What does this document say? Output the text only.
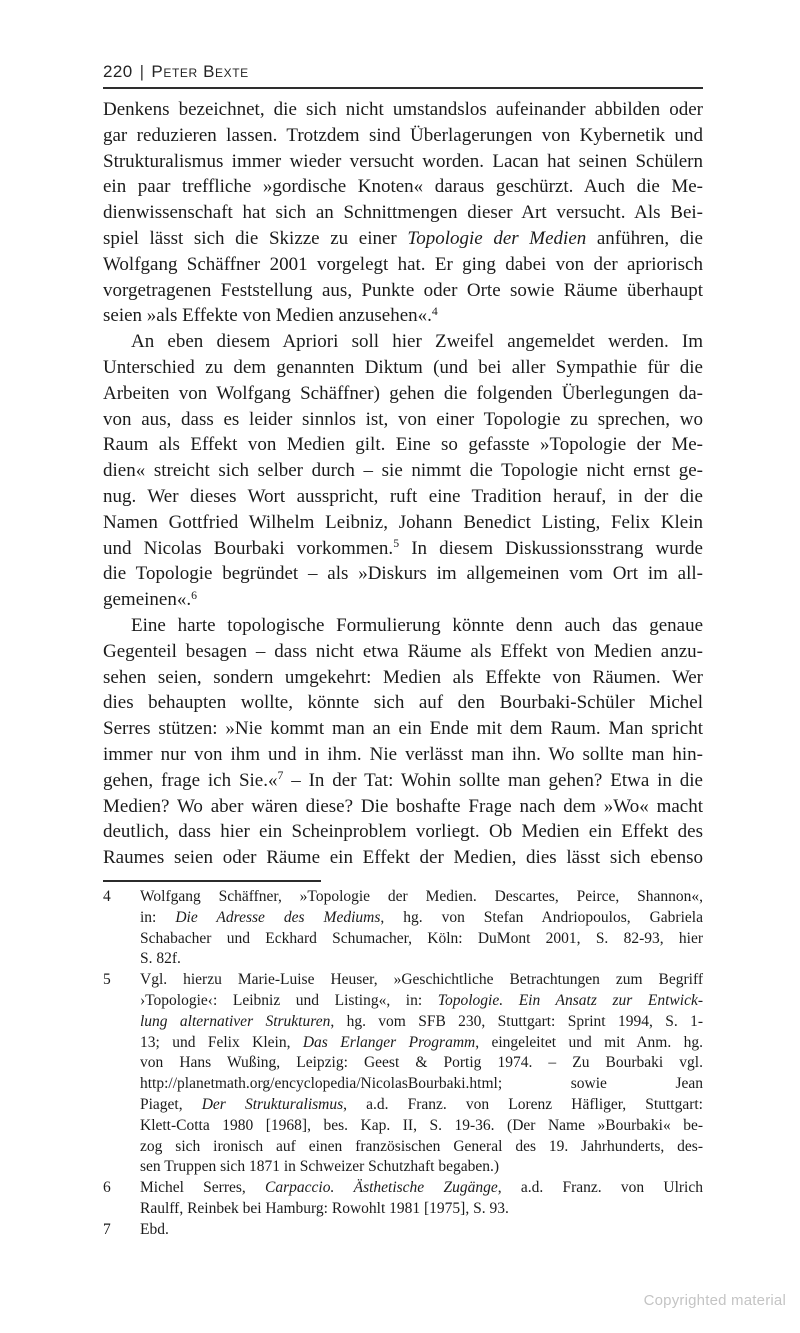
220 | Peter Bexte
Denkens bezeichnet, die sich nicht umstandslos aufeinander abbilden oder
gar reduzieren lassen. Trotzdem sind Überlagerungen von Kybernetik und
Strukturalismus immer wieder versucht worden. Lacan hat seinen Schülern
ein paar treffliche »gordische Knoten« daraus geschürzt. Auch die Me-
dienwissenschaft hat sich an Schnittmengen dieser Art versucht. Als Bei-
spiel lässt sich die Skizze zu einer Topologie der Medien anführen, die
Wolfgang Schäffner 2001 vorgelegt hat. Er ging dabei von der apriorisch
vorgetragenen Feststellung aus, Punkte oder Orte sowie Räume überhaupt
seien »als Effekte von Medien anzusehen«.$^4$
An eben diesem Apriori soll hier Zweifel angemeldet werden. Im
Unterschied zu dem genannten Diktum (und bei aller Sympathie für die
Arbeiten von Wolfgang Schäffner) gehen die folgenden Überlegungen da-
von aus, dass es leider sinnlos ist, von einer Topologie zu sprechen, wo
Raum als Effekt von Medien gilt. Eine so gefasste »Topologie der Me-
dien« streicht sich selber durch – sie nimmt die Topologie nicht ernst ge-
nug. Wer dieses Wort ausspricht, ruft eine Tradition herauf, in der die
Namen Gottfried Wilhelm Leibniz, Johann Benedict Listing, Felix Klein
und Nicolas Bourbaki vorkommen.$^5$ In diesem Diskussionsstrang wurde
die Topologie begründet – als »Diskurs im allgemeinen vom Ort im all-
gemeinen«.$^6$
Eine harte topologische Formulierung könnte denn auch das genaue
Gegenteil besagen – dass nicht etwa Räume als Effekt von Medien anzu-
sehen seien, sondern umgekehrt: Medien als Effekte von Räumen. Wer
dies behaupten wollte, könnte sich auf den Bourbaki-Schüler Michel
Serres stützen: »Nie kommt man an ein Ende mit dem Raum. Man spricht
immer nur von ihm und in ihm. Nie verlässt man ihn. Wo sollte man hin-
gehen, frage ich Sie.«$^7$ – In der Tat: Wohin sollte man gehen? Etwa in die
Medien? Wo aber wären diese? Die boshafte Frage nach dem »Wo« macht
deutlich, dass hier ein Scheinproblem vorliegt. Ob Medien ein Effekt des
Raumes seien oder Räume ein Effekt der Medien, dies lässt sich ebenso
4	Wolfgang Schäffner, »Topologie der Medien. Descartes, Peirce, Shannon«,
in: Die Adresse des Mediums, hg. von Stefan Andriopoulos, Gabriela
Schabacher und Eckhard Schumacher, Köln: DuMont 2001, S. 82-93, hier
S. 82f.
5	Vgl. hierzu Marie-Luise Heuser, »Geschichtliche Betrachtungen zum Begriff
›Topologie‹: Leibniz und Listing«, in: Topologie. Ein Ansatz zur Entwick-
lung alternativer Strukturen, hg. vom SFB 230, Stuttgart: Sprint 1994, S. 1-
13; und Felix Klein, Das Erlanger Programm, eingeleitet und mit Anm. hg.
von Hans Wußing, Leipzig: Geest & Portig 1974. – Zu Bourbaki vgl.
http://planetmath.org/encyclopedia/NicolasBourbaki.html; sowie Jean
Piaget, Der Strukturalismus, a.d. Franz. von Lorenz Häfliger, Stuttgart:
Klett-Cotta 1980 [1968], bes. Kap. II, S. 19-36. (Der Name »Bourbaki« be-
zog sich ironisch auf einen französischen General des 19. Jahrhunderts, des-
sen Truppen sich 1871 in Schweizer Schutzhaft begaben.)
6	Michel Serres, Carpaccio. Ästhetische Zugänge, a.d. Franz. von Ulrich
Raulff, Reinbek bei Hamburg: Rowohlt 1981 [1975], S. 93.
7	Ebd.
Copyrighted material
